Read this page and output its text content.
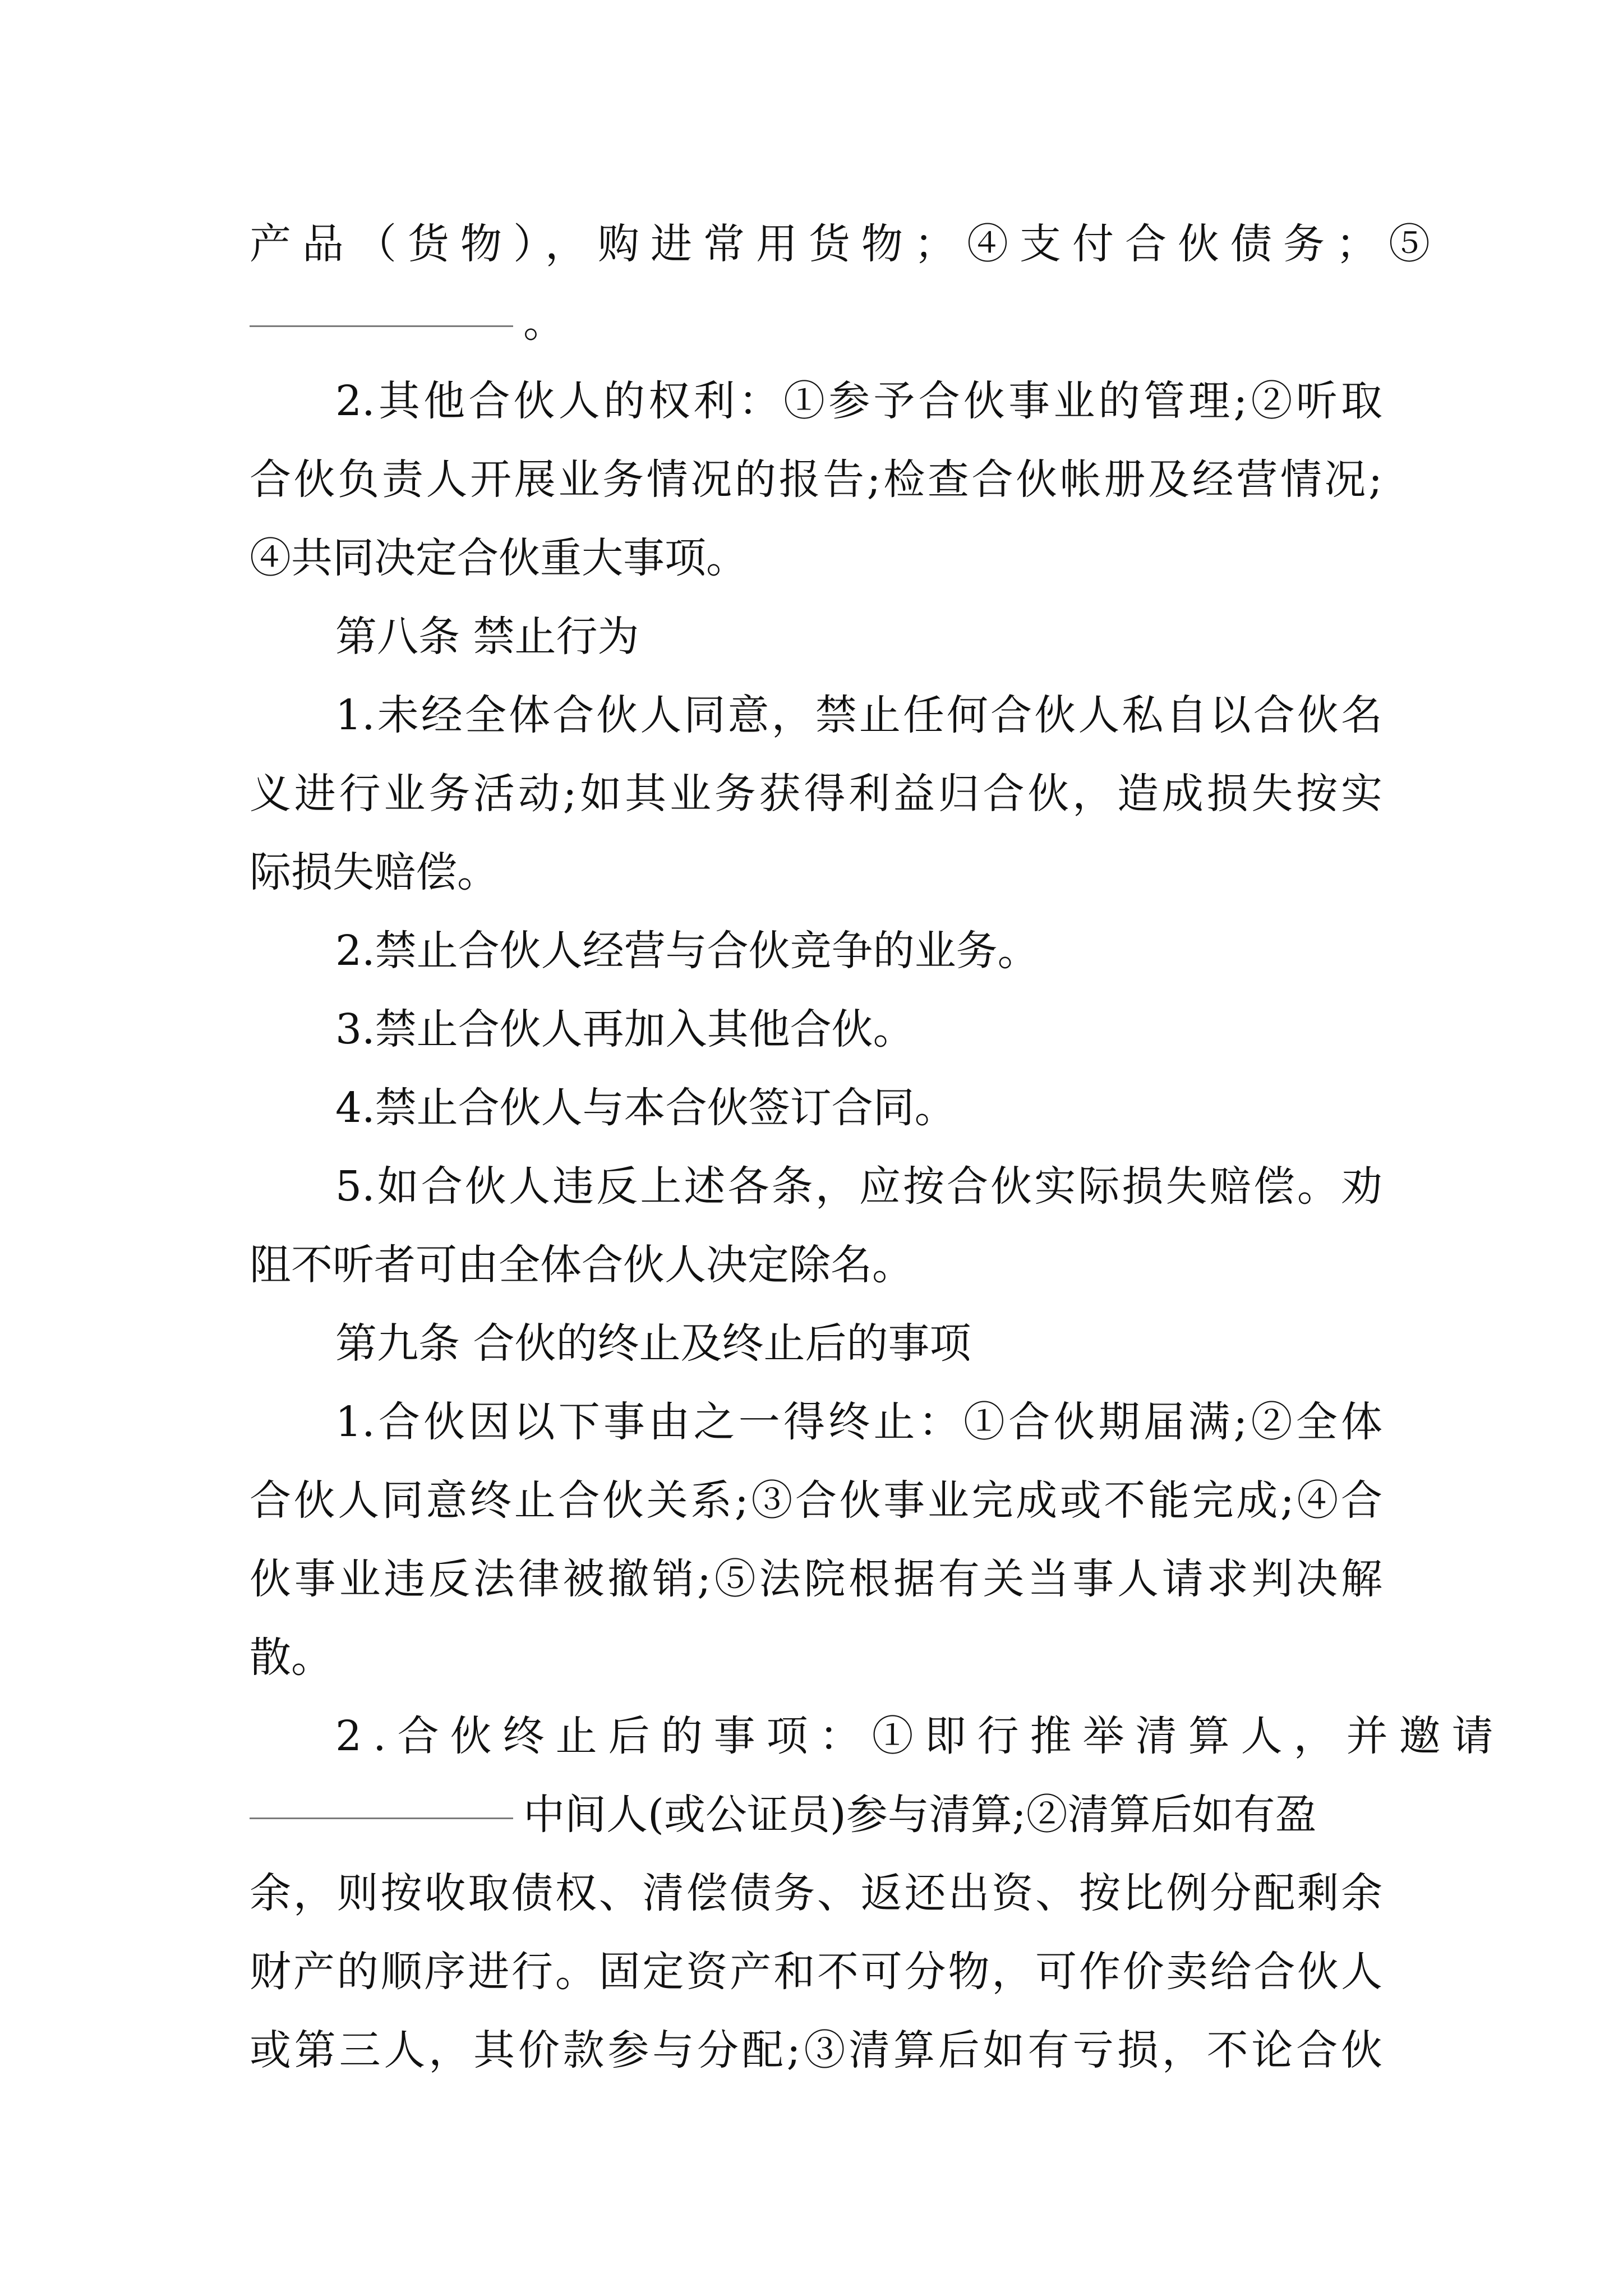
产品（货物），购进常用货物；④支付合伙债务；⑤
。
2.其他合伙人的权利：①参予合伙事业的管理;②听取
合伙负责人开展业务情况的报告;检查合伙帐册及经营情况;
④共同决定合伙重大事项。
第八条 禁止行为
1.未经全体合伙人同意，禁止任何合伙人私自以合伙名
义进行业务活动;如其业务获得利益归合伙，造成损失按实
际损失赔偿。
2.禁止合伙人经营与合伙竞争的业务。
3.禁止合伙人再加入其他合伙。
4.禁止合伙人与本合伙签订合同。
5.如合伙人违反上述各条，应按合伙实际损失赔偿。劝
阻不听者可由全体合伙人决定除名。
第九条 合伙的终止及终止后的事项
1.合伙因以下事由之一得终止：①合伙期届满;②全体
合伙人同意终止合伙关系;③合伙事业完成或不能完成;④合
伙事业违反法律被撤销;⑤法院根据有关当事人请求判决解
散。
2.合伙终止后的事项：①即行推举清算人，并邀请
中间人(或公证员)参与清算;②清算后如有盈
余，则按收取债权、清偿债务、返还出资、按比例分配剩余
财产的顺序进行。固定资产和不可分物，可作价卖给合伙人
或第三人，其价款参与分配;③清算后如有亏损，不论合伙
